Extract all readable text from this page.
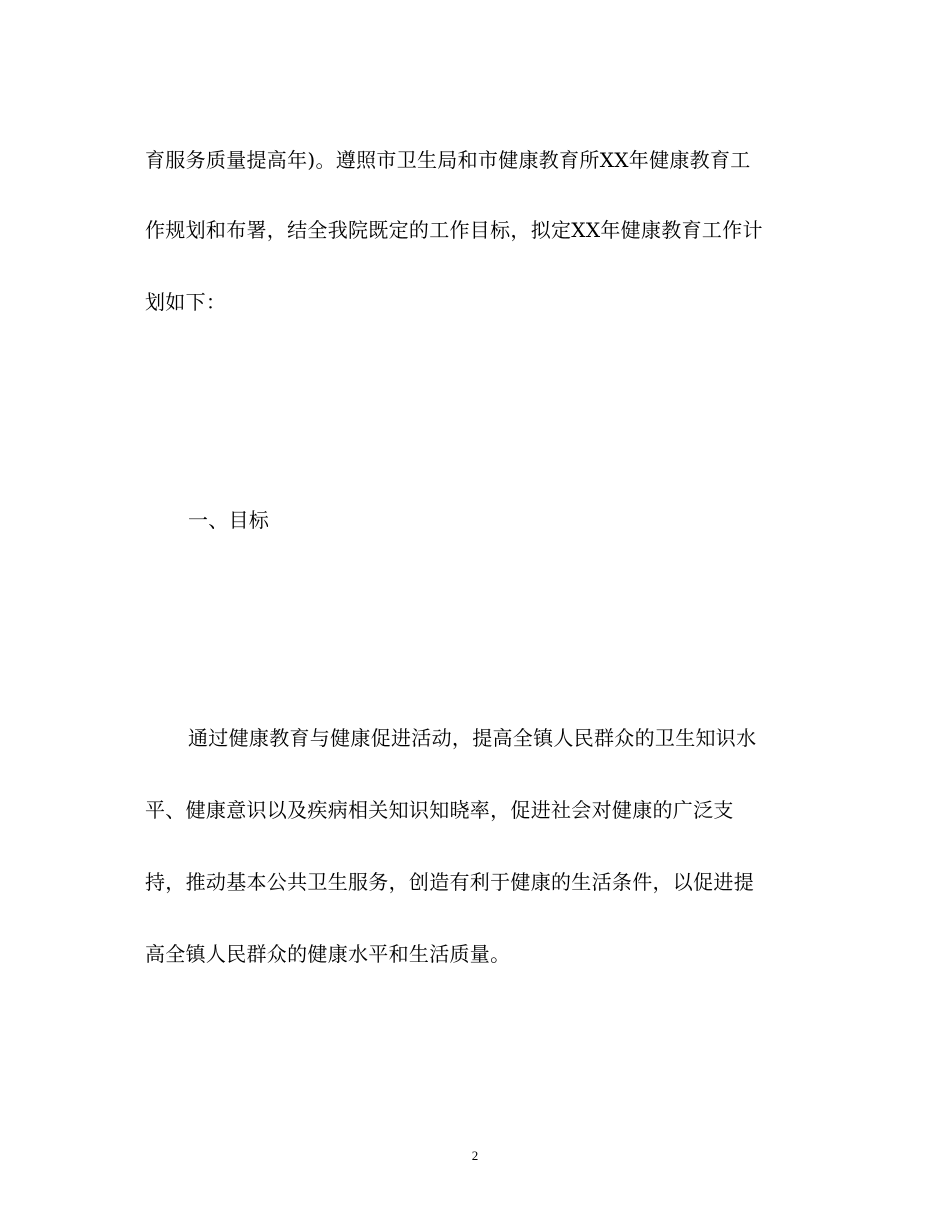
育服务质量提高年)。遵照市卫生局和市健康教育所XX年健康教育工
作规划和布署，结全我院既定的工作目标，拟定XX年健康教育工作计
划如下：
一、目标
通过健康教育与健康促进活动，提高全镇人民群众的卫生知识水
平、健康意识以及疾病相关知识知晓率，促进社会对健康的广泛支
持，推动基本公共卫生服务，创造有利于健康的生活条件，以促进提
高全镇人民群众的健康水平和生活质量。
2
